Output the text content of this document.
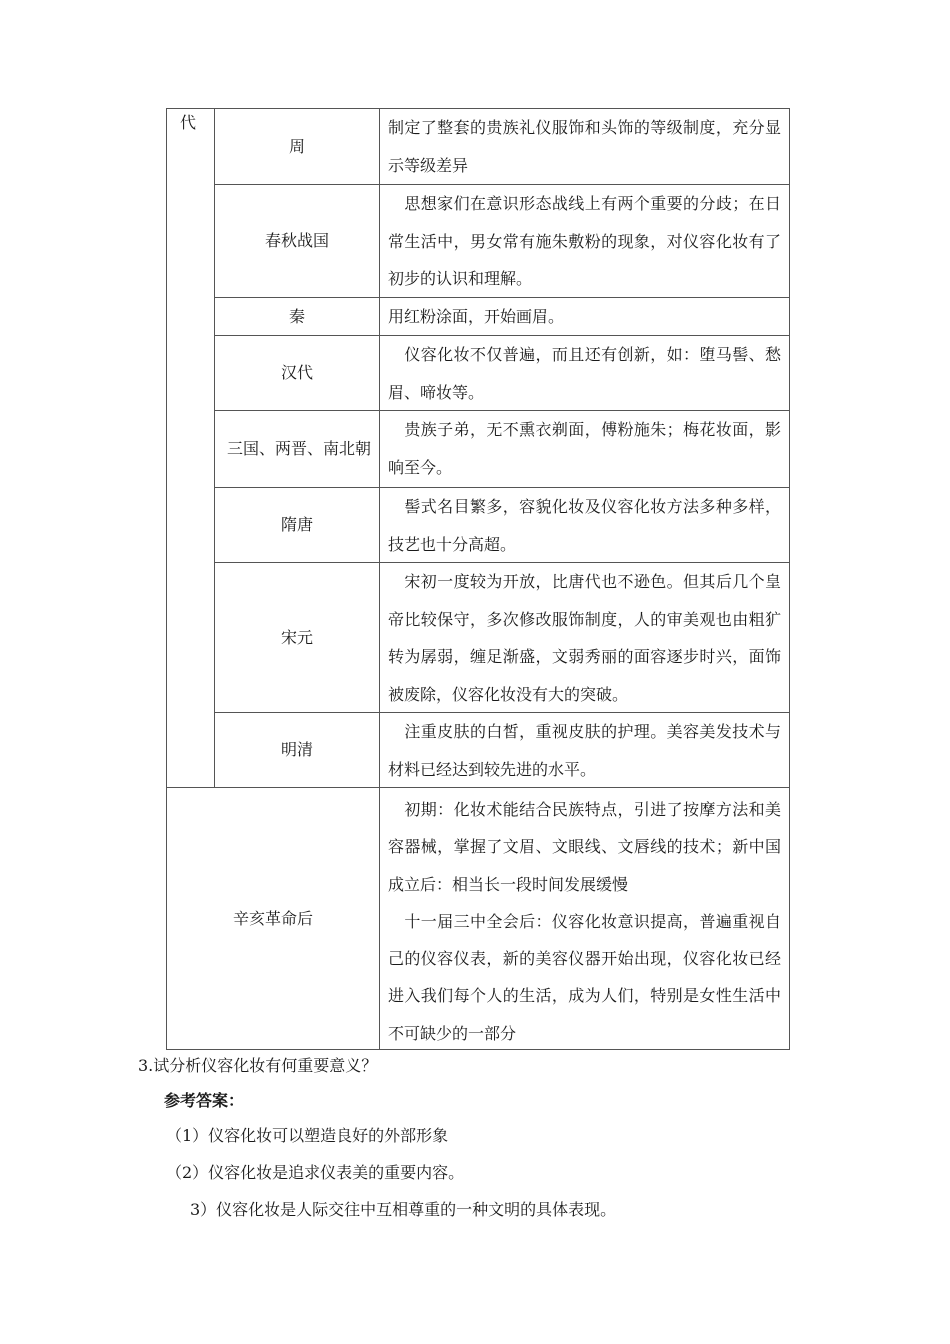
代
周

制定了整套的贵族礼仪服饰和头饰的等级制度，充分显示等级差异

春秋战国

　思想家们在意识形态战线上有两个重要的分歧；在日常生活中，男女常有施朱敷粉的现象，对仪容化妆有了初步的认识和理解。

秦	用红粉涂面，开始画眉。

汉代

　仪容化妆不仅普遍，而且还有创新，如：堕马髻、愁眉、啼妆等。

三国、两晋、南北朝

　贵族子弟，无不熏衣剃面，傅粉施朱；梅花妆面，影响至今。

隋唐

　髻式名目繁多，容貌化妆及仪容化妆方法多种多样，技艺也十分高超。

宋元

　宋初一度较为开放，比唐代也不逊色。但其后几个皇帝比较保守，多次修改服饰制度，人的审美观也由粗犷转为孱弱，缠足渐盛，文弱秀丽的面容逐步时兴，面饰被废除，仪容化妆没有大的突破。

明清

　注重皮肤的白皙，重视皮肤的护理。美容美发技术与材料已经达到较先进的水平。

辛亥革命后

　初期：化妆术能结合民族特点，引进了按摩方法和美容器械，掌握了文眉、文眼线、文唇线的技术；新中国成立后：相当长一段时间发展缓慢

　十一届三中全会后：仪容化妆意识提高，普遍重视自己的仪容仪表，新的美容仪器开始出现，仪容化妆已经进入我们每个人的生活，成为人们，特别是女性生活中不可缺少的一部分

3.试分析仪容化妆有何重要意义？
参考答案：
（1）仪容化妆可以塑造良好的外部形象
（2）仪容化妆是追求仪表美的重要内容。
3）仪容化妆是人际交往中互相尊重的一种文明的具体表现。
